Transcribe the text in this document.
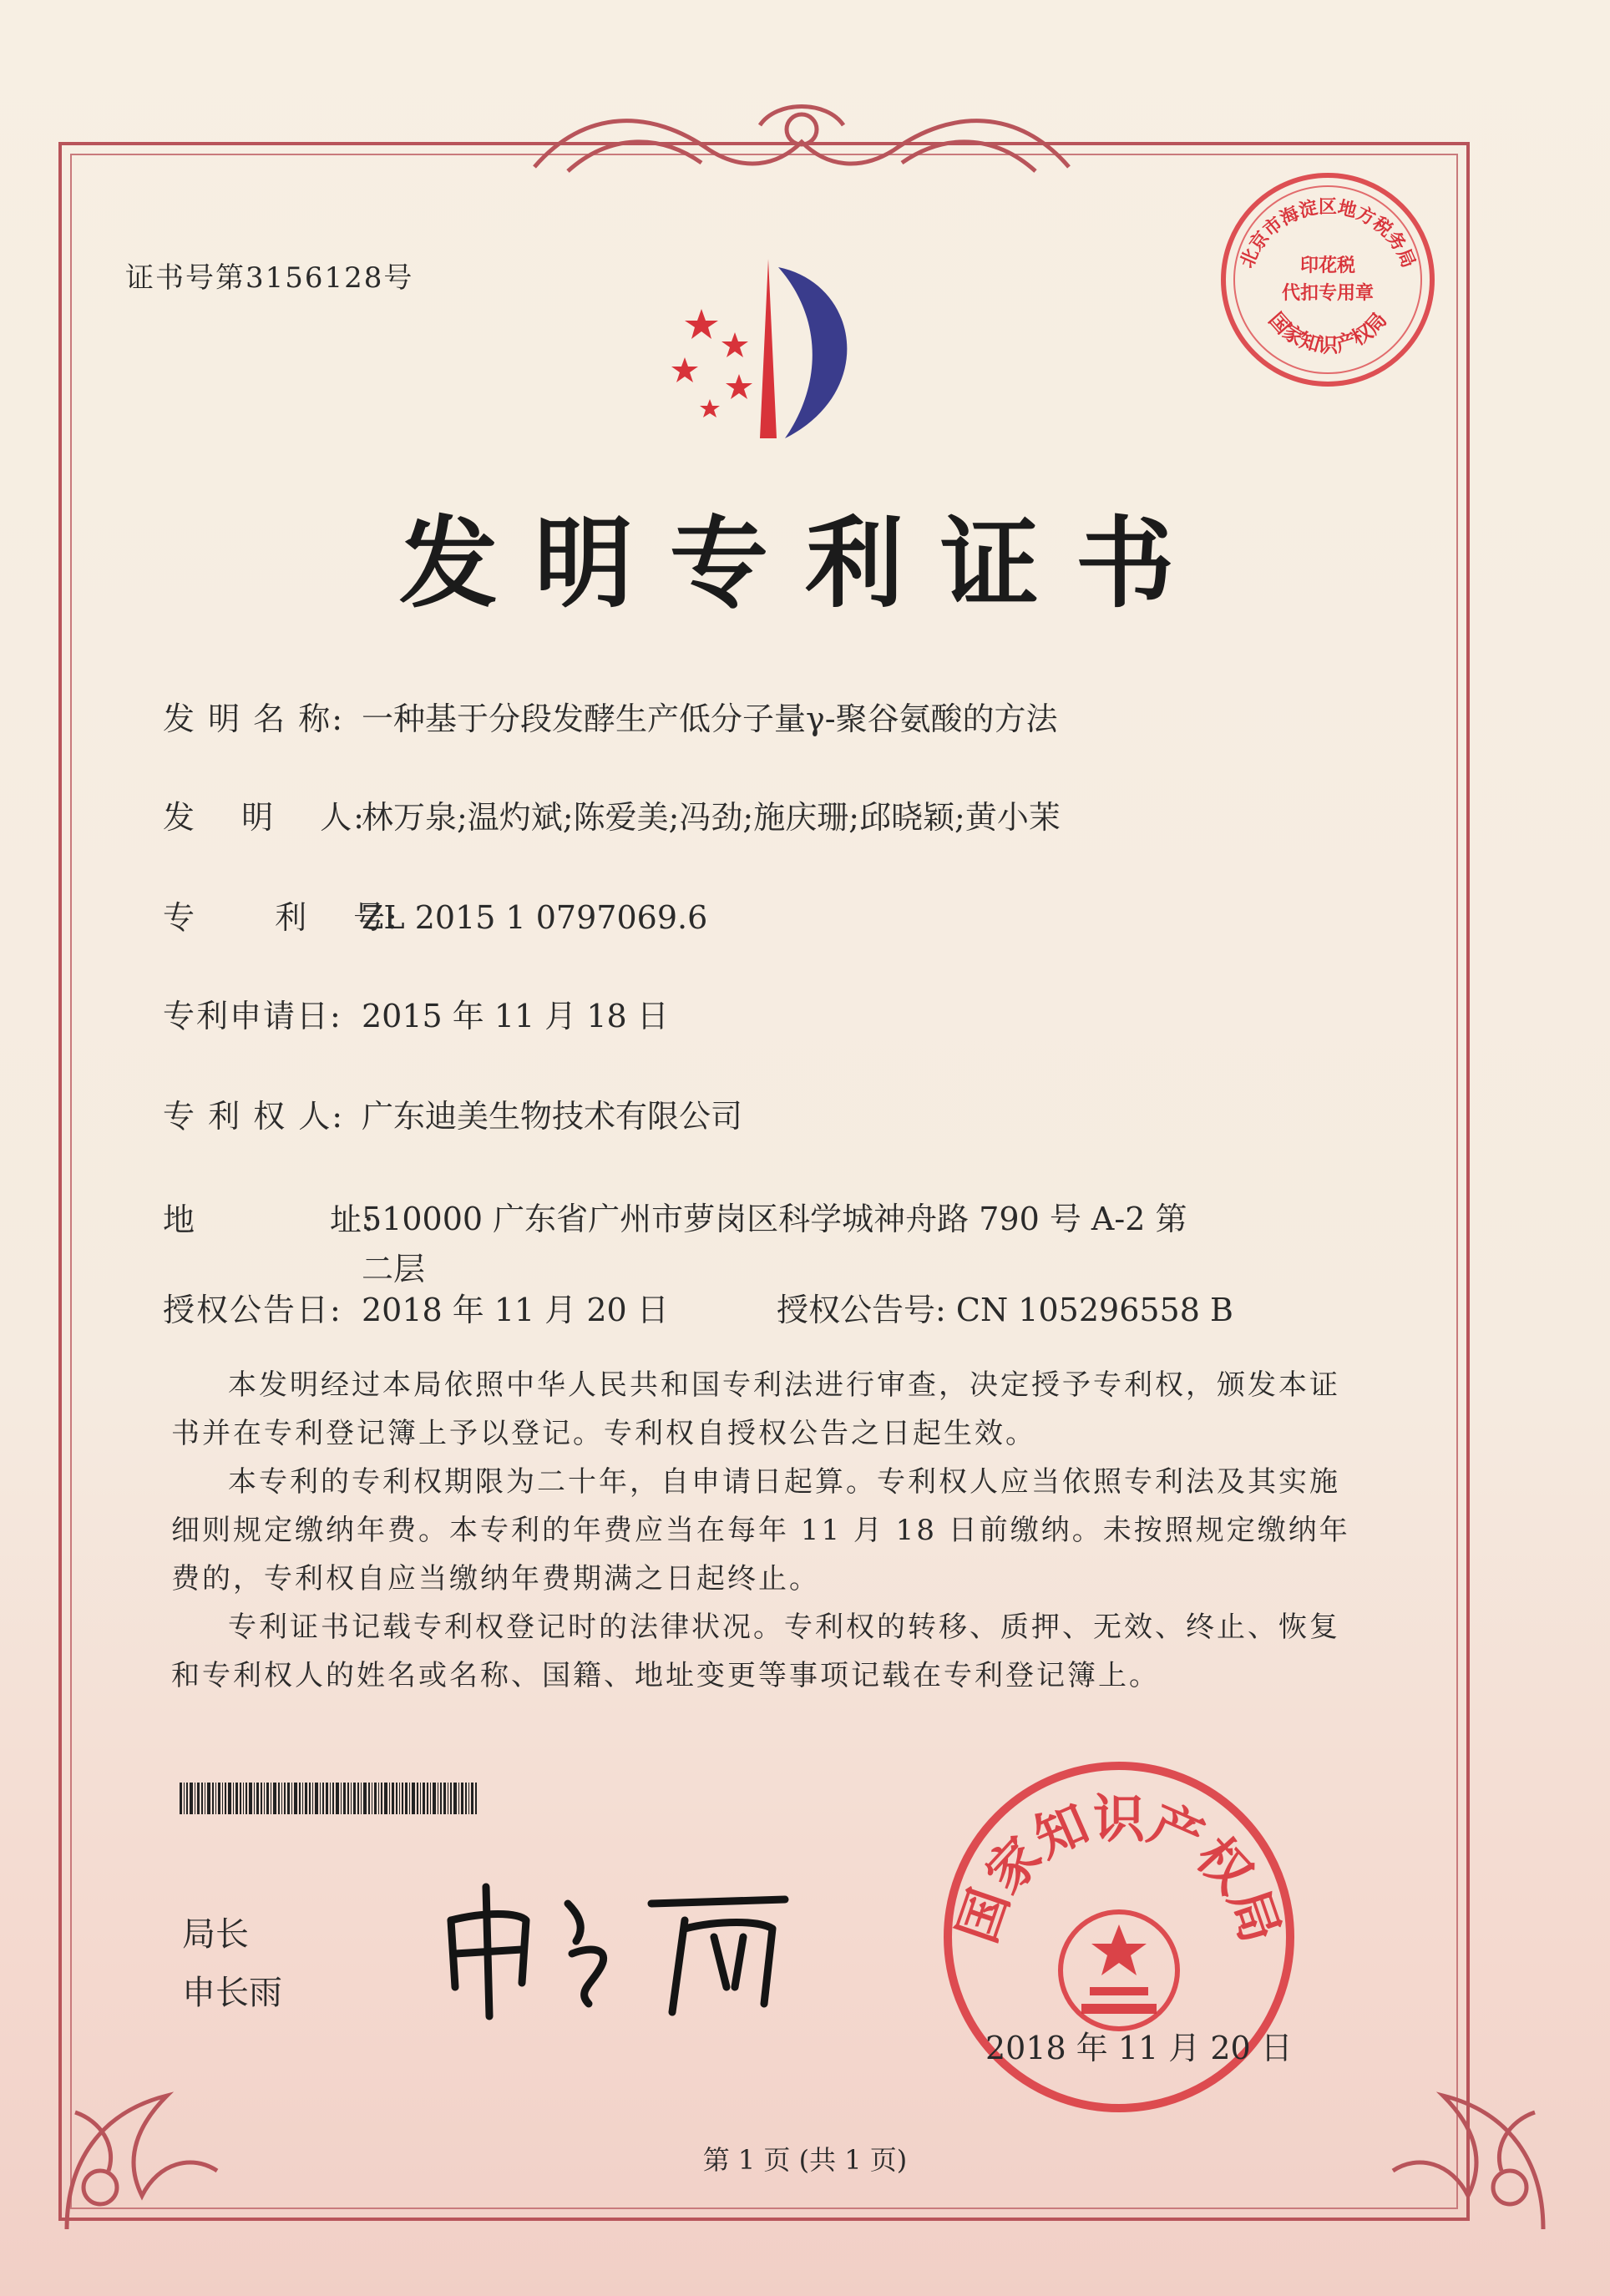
证书号第3156128号
发明专利证书
发 明 名 称: 一种基于分段发酵生产低分子量γ-聚谷氨酸的方法
发　 明 　人:林万泉;温灼斌;陈爱美;冯劲;施庆珊;邱晓颖;黄小茉
专　 　利　 号:ZL 2015 1 0797069.6
专利申请日: 2015 年 11 月 18 日
专 利 权 人: 广东迪美生物技术有限公司
地　　　　址:
510000 广东省广州市萝岗区科学城神舟路 790 号 A-2 第二层
授权公告日: 2018 年 11 月 20 日	授权公告号: CN 105296558 B

本发明经过本局依照中华人民共和国专利法进行审查，决定授予专利权，颁发本证书并在专利登记簿上予以登记。专利权自授权公告之日起生效。

本专利的专利权期限为二十年，自申请日起算。专利权人应当依照专利法及其实施细则规定缴纳年费。本专利的年费应当在每年 11 月 18 日前缴纳。未按照规定缴纳年费的，专利权自应当缴纳年费期满之日起终止。

专利证书记载专利权登记时的法律状况。专利权的转移、质押、无效、终止、恢复和专利权人的姓名或名称、国籍、地址变更等事项记载在专利登记簿上。

局长
申长雨
国家知识产权局
2018 年 11 月 20 日
北京市海淀区地方税务局
国家知识产权局
印花税
代扣专用章
第 1 页 (共 1 页)
